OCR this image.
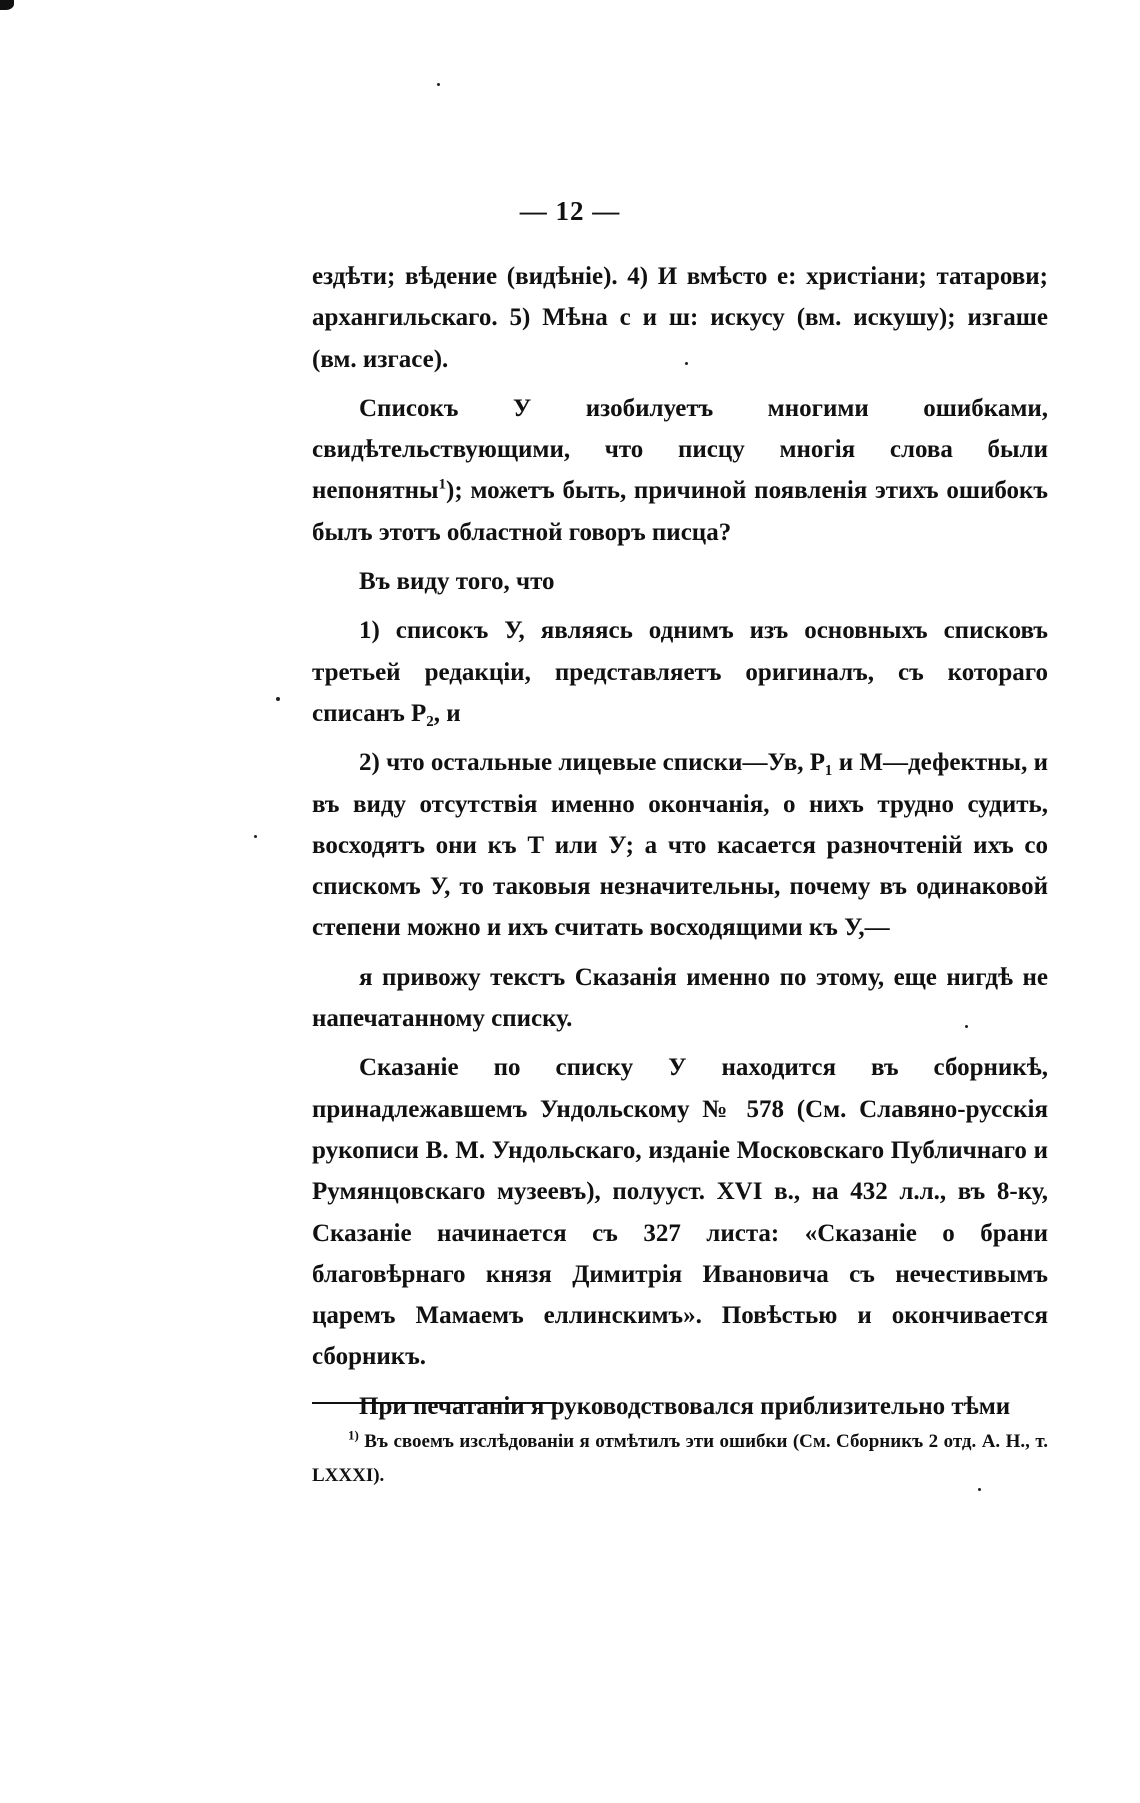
— 12 —

ездѣти; вѣдение (видѣніе). 4) И вмѣсто е: христіани; татарови; архангильскаго. 5) Мѣна с и ш: искусу (вм. искушу); изгаше (вм. изгасе).

Списокъ У изобилуетъ многими ошибками, свидѣтельствующими, что писцу многія слова были непонятны$^1$); можетъ быть, причиной появленія этихъ ошибокъ былъ этотъ областной говоръ писца?

Въ виду того, что

1) списокъ У, являясь однимъ изъ основныхъ списковъ третьей редакціи, представляетъ оригиналъ, съ котораго списанъ P₂, и

2) что остальные лицевые списки—Ув, P₁ и М—дефектны, и въ виду отсутствія именно окончанія, о нихъ трудно судить, восходятъ они къ Т или У; а что касается разночтеній ихъ со спискомъ У, то таковыя незначительны, почему въ одинаковой степени можно и ихъ считать восходящими къ У,—

я привожу текстъ Сказанія именно по этому, еще нигдѣ не напечатанному списку.

Сказаніе по списку У находится въ сборникѣ, принадлежавшемъ Ундольскому № 578 (См. Славяно-русскія рукописи В. М. Ундольскаго, изданіе Московскаго Публичнаго и Румянцовскаго музеевъ), полууст. XVI в., на 432 л.л., въ 8-ку, Сказаніе начинается съ 327 листа: «Сказаніе о брани благовѣрнаго князя Димитрія Ивановича съ нечестивымъ царемъ Мамаемъ еллинскимъ». Повѣстью и окончивается сборникъ.

При печатаніи я руководствовался приблизительно тѣми

$^{1)}$ Въ своемъ изслѣдованіи я отмѣтилъ эти ошибки (См. Сборникъ 2 отд. А. Н., т. LXXXI).
